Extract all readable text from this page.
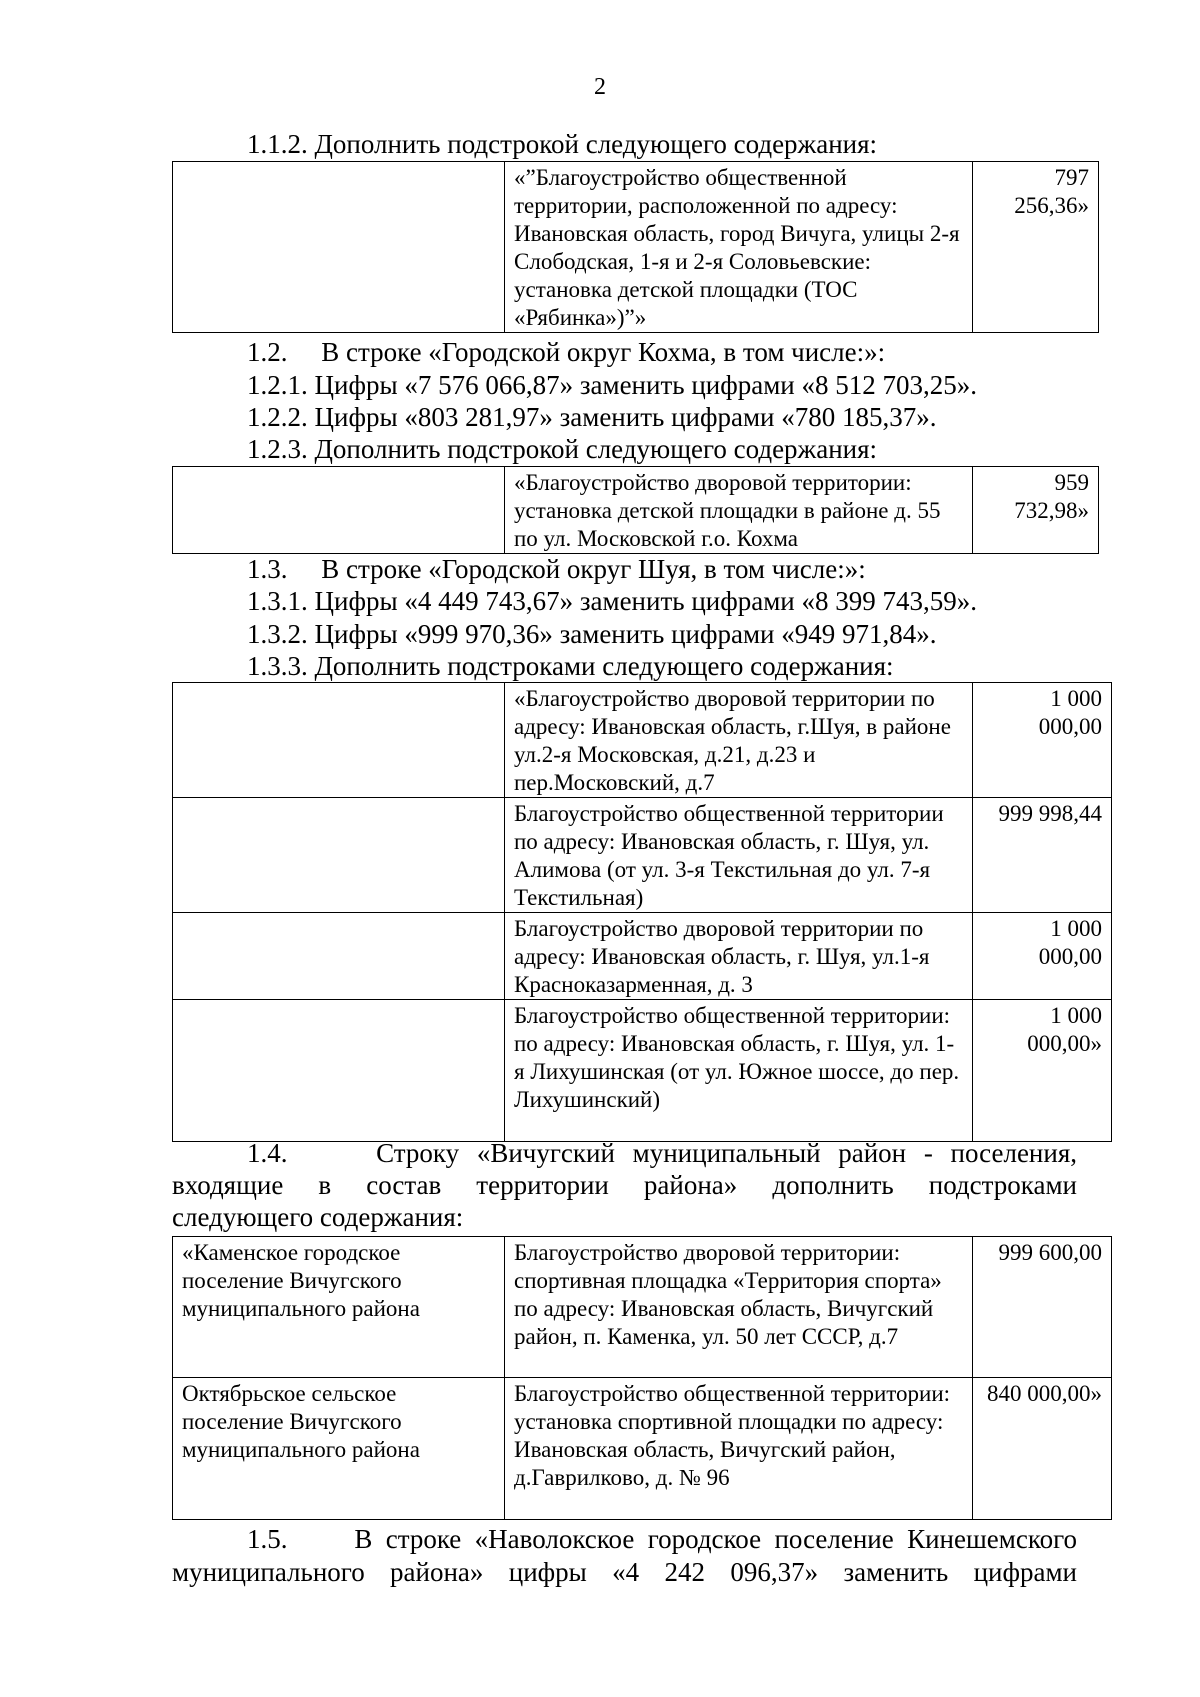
2
1.1.2. Дополнить подстрокой следующего содержания:
	«”Благоустройство общественной территории, расположенной по адресу: Ивановская область, город Вичуга, улицы 2-я Слободская, 1-я и 2-я Соловьевские: установка детской площадки (ТОС «Рябинка»)”»	797 256,36»
1.2.     В строке «Городской округ Кохма, в том числе:»:
1.2.1. Цифры «7 576 066,87» заменить цифрами «8 512 703,25».
1.2.2. Цифры «803 281,97» заменить цифрами «780 185,37».
1.2.3. Дополнить подстрокой следующего содержания:
	«Благоустройство дворовой территории: установка детской площадки в районе д. 55 по ул. Московской г.о. Кохма	959 732,98»
1.3.     В строке «Городской округ Шуя, в том числе:»:
1.3.1. Цифры «4 449 743,67» заменить цифрами «8 399 743,59».
1.3.2. Цифры «999 970,36» заменить цифрами «949 971,84».
1.3.3. Дополнить подстроками следующего содержания:
	«Благоустройство дворовой территории по адресу: Ивановская область, г.Шуя, в районе ул.2-я Московская, д.21, д.23 и пер.Московский, д.7	1 000 000,00
	Благоустройство общественной территории по адресу: Ивановская область, г. Шуя, ул. Алимова (от ул. 3-я Текстильная до ул. 7-я Текстильная)	999 998,44
	Благоустройство дворовой территории по адресу: Ивановская область, г. Шуя, ул.1-я Красноказарменная, д. 3	1 000 000,00
	Благоустройство общественной территории: по адресу: Ивановская область, г. Шуя, ул. 1-я Лихушинская (от ул. Южное шоссе, до пер. Лихушинский)	1 000 000,00»
1.4.     Строку «Вичугский муниципальный район - поселения,
входящие в состав территории района» дополнить подстроками
следующего содержания:
«Каменское городское поселение Вичугского муниципального района	Благоустройство дворовой территории: спортивная площадка «Территория спорта» по адресу: Ивановская область, Вичугский район, п. Каменка, ул. 50 лет СССР, д.7	999 600,00
Октябрьское сельское поселение Вичугского муниципального района	Благоустройство общественной территории: установка спортивной площадки по адресу: Ивановская область, Вичугский район, д.Гаврилково, д. № 96	840 000,00»
1.5.     В строке «Наволокское городское поселение Кинешемского
муниципального района» цифры «4 242 096,37» заменить цифрами
